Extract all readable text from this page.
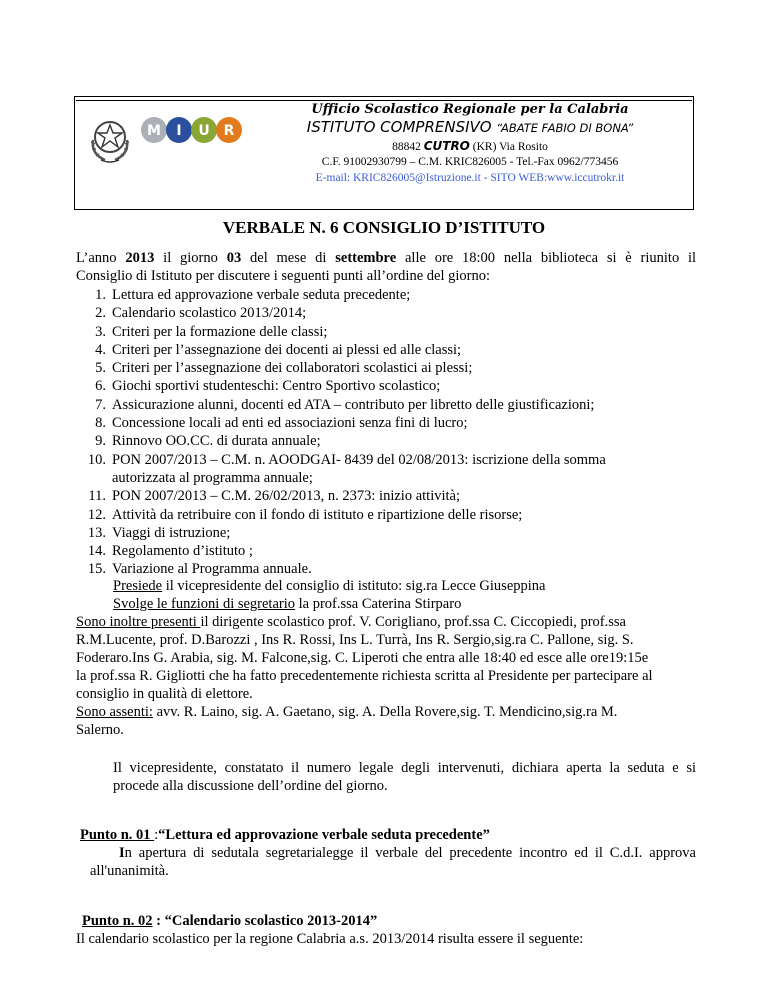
M I U R
Ufficio Scolastico Regionale per la Calabria
ISTITUTO COMPRENSIVO “ABATE FABIO DI BONA”
88842 CUTRO (KR) Via Rosito
C.F. 91002930799 – C.M. KRIC826005 - Tel.-Fax 0962/773456
E-mail: KRIC826005@Istruzione.it - SITO WEB:www.iccutrokr.it
VERBALE N. 6 CONSIGLIO D’ISTITUTO
L’anno 2013 il giorno 03 del mese di settembre alle ore 18:00 nella biblioteca si è riunito il
Consiglio di Istituto per discutere i seguenti punti all’ordine del giorno:
1. Lettura ed approvazione verbale seduta precedente;
2. Calendario scolastico 2013/2014;
3. Criteri per la formazione delle classi;
4. Criteri per l’assegnazione dei docenti ai plessi ed alle classi;
5. Criteri per l’assegnazione dei collaboratori scolastici ai plessi;
6. Giochi sportivi studenteschi: Centro Sportivo scolastico;
7. Assicurazione alunni, docenti ed ATA – contributo per libretto delle giustificazioni;
8. Concessione locali ad enti ed associazioni senza fini di lucro;
9. Rinnovo OO.CC. di durata annuale;
10. PON 2007/2013 – C.M. n. AOODGAI- 8439 del 02/08/2013: iscrizione della somma
autorizzata al programma annuale;
11. PON 2007/2013 – C.M. 26/02/2013, n. 2373: inizio attività;
12. Attività da retribuire con il fondo di istituto e ripartizione delle risorse;
13. Viaggi di istruzione;
14. Regolamento d’istituto ;
15. Variazione al Programma annuale.
Presiede il vicepresidente del consiglio di istituto: sig.ra Lecce Giuseppina
Svolge le funzioni di segretario la prof.ssa Caterina Stirparo
Sono inoltre presenti il dirigente scolastico prof. V. Corigliano, prof.ssa C. Ciccopiedi, prof.ssa
R.M.Lucente, prof. D.Barozzi , Ins R. Rossi, Ins L. Turrà, Ins R. Sergio,sig.ra C. Pallone, sig. S.
Foderaro.Ins G. Arabia, sig. M. Falcone,sig. C. Liperoti che entra alle 18:40 ed esce alle ore19:15e
la prof.ssa R. Gigliotti che ha fatto precedentemente richiesta scritta al Presidente per partecipare al
consiglio in qualità di elettore.
Sono assenti: avv. R. Laino, sig. A. Gaetano, sig. A. Della Rovere,sig. T. Mendicino,sig.ra M.
Salerno.
Il vicepresidente, constatato il numero legale degli intervenuti, dichiara aperta la seduta e si
procede alla discussione dell’ordine del giorno.
Punto n. 01 :“Lettura ed approvazione verbale seduta precedente”
In apertura di sedutala segretarialegge il verbale del precedente incontro ed il C.d.I. approva
all'unanimità.
Punto n. 02 : “Calendario scolastico 2013-2014”
Il calendario scolastico per la regione Calabria a.s. 2013/2014 risulta essere il seguente:
